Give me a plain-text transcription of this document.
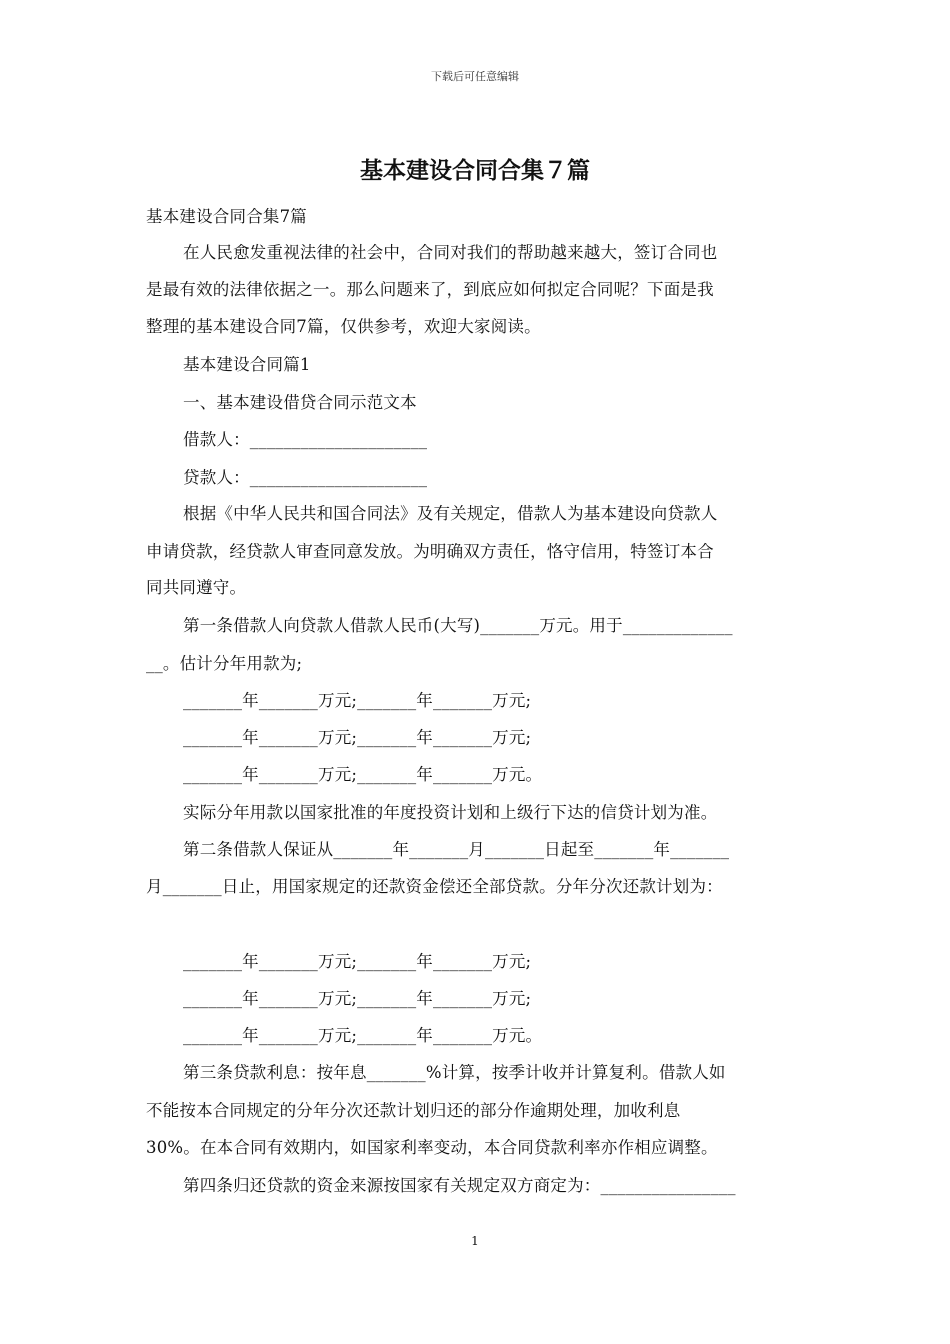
下载后可任意编辑
基本建设合同合集７篇
基本建设合同合集7篇
在人民愈发重视法律的社会中，合同对我们的帮助越来越大，签订合同也
是最有效的法律依据之一。那么问题来了，到底应如何拟定合同呢？下面是我
整理的基本建设合同7篇，仅供参考，欢迎大家阅读。
基本建设合同篇1
一、基本建设借贷合同示范文本
借款人：_____________________
贷款人：_____________________
根据《中华人民共和国合同法》及有关规定，借款人为基本建设向贷款人
申请贷款，经贷款人审查同意发放。为明确双方责任，恪守信用，特签订本合
同共同遵守。
第一条借款人向贷款人借款人民币(大写)_______万元。用于_____________
__。估计分年用款为;
_______年_______万元;_______年_______万元;
_______年_______万元;_______年_______万元;
_______年_______万元;_______年_______万元。
实际分年用款以国家批准的年度投资计划和上级行下达的信贷计划为准。
第二条借款人保证从_______年_______月_______日起至_______年_______
月_______日止，用国家规定的还款资金偿还全部贷款。分年分次还款计划为：
_______年_______万元;_______年_______万元;
_______年_______万元;_______年_______万元;
_______年_______万元;_______年_______万元。
第三条贷款利息：按年息_______%计算，按季计收并计算复利。借款人如
不能按本合同规定的分年分次还款计划归还的部分作逾期处理，加收利息
30%。在本合同有效期内，如国家利率变动，本合同贷款利率亦作相应调整。
第四条归还贷款的资金来源按国家有关规定双方商定为：________________
1
